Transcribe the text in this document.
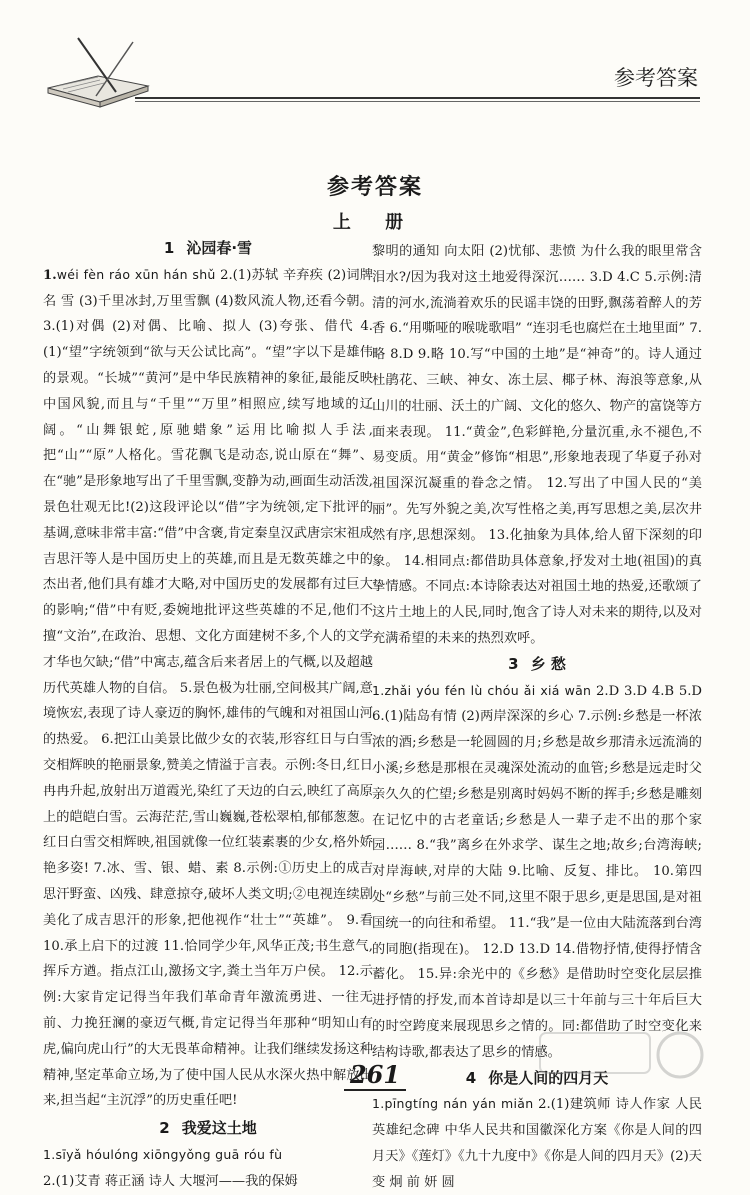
参考答案
参考答案
上 册

1 沁园春·雪

1.wéi fèn ráo xūn hán shǔ 2.(1)苏轼 辛弃疾 (2)词牌名 雪 (3)千里冰封,万里雪飘 (4)数风流人物,还看今朝。 3.(1)对偶 (2)对偶、比喻、拟人 (3)夸张、借代 4.(1)“望”字统领到“欲与天公试比高”。“望”字以下是雄伟的景观。“长城”“黄河”是中华民族精神的象征,最能反映中国风貌,而且与“千里”“万里”相照应,续写地域的辽阔。“山舞银蛇,原驰蜡象”运用比喻拟人手法,把“山”“原”人格化。雪花飘飞是动态,说山原在“舞”、在“驰”是形象地写出了千里雪飘,变静为动,画面生动活泼,景色壮观无比!(2)这段评论以“借”字为统领,定下批评的基调,意味非常丰富:“借”中含褒,肯定秦皇汉武唐宗宋祖成吉思汗等人是中国历史上的英雄,而且是无数英雄之中的杰出者,他们具有雄才大略,对中国历史的发展都有过巨大的影响;“借”中有贬,委婉地批评这些英雄的不足,他们不擅“文治”,在政治、思想、文化方面建树不多,个人的文学才华也欠缺;“借”中寓志,蕴含后来者居上的气概,以及超越历代英雄人物的自信。 5.景色极为壮丽,空间极其广阔,意境恢宏,表现了诗人豪迈的胸怀,雄伟的气魄和对祖国山河的热爱。 6.把江山美景比做少女的衣装,形容红日与白雪交相辉映的艳丽景象,赞美之情溢于言表。示例:冬日,红日冉冉升起,放射出万道霞光,染红了天边的白云,映红了高原上的皑皑白雪。云海茫茫,雪山巍巍,苍松翠柏,郁郁葱葱。红日白雪交相辉映,祖国就像一位红装素裹的少女,格外娇艳多姿! 7.冰、雪、银、蜡、素 8.示例:①历史上的成吉思汗野蛮、凶残、肆意掠夺,破坏人类文明;②电视连续剧美化了成吉思汗的形象,把他视作“壮士”“英雄”。 9.看 10.承上启下的过渡 11.恰同学少年,风华正茂;书生意气,挥斥方遒。指点江山,激扬文字,粪土当年万户侯。 12.示例:大家肯定记得当年我们革命青年激流勇进、一往无前、力挽狂澜的豪迈气概,肯定记得当年那种“明知山有虎,偏向虎山行”的大无畏革命精神。让我们继续发扬这种精神,坚定革命立场,为了使中国人民从水深火热中解放出来,担当起“主沉浮”的历史重任吧!

2 我爱这土地

1.sīyǎ hóulóng xiōngyǒng guā róu fù
2.(1)艾青 蒋正涵 诗人 大堰河——我的保姆

黎明的通知 向太阳 (2)忧郁、悲愤 为什么我的眼里常含泪水?/因为我对这土地爱得深沉…… 3.D 4.C 5.示例:清清的河水,流淌着欢乐的民谣丰饶的田野,飘荡着醉人的芳香 6.“用嘶哑的喉咙歌唱” “连羽毛也腐烂在土地里面” 7.略 8.D 9.略 10.写“中国的土地”是“神奇”的。诗人通过杜鹃花、三峡、神女、冻土层、椰子林、海浪等意象,从山川的壮丽、沃土的广阔、文化的悠久、物产的富饶等方面来表现。 11.“黄金”,色彩鲜艳,分量沉重,永不褪色,不易变质。用“黄金”修饰“相思”,形象地表现了华夏子孙对祖国深沉凝重的眷念之情。 12.写出了中国人民的“美丽”。先写外貌之美,次写性格之美,再写思想之美,层次井然有序,思想深刻。 13.化抽象为具体,给人留下深刻的印象。 14.相同点:都借助具体意象,抒发对土地(祖国)的真挚情感。不同点:本诗除表达对祖国土地的热爱,还歌颂了这片土地上的人民,同时,饱含了诗人对未来的期待,以及对充满希望的未来的热烈欢呼。

3 乡 愁

1.zhǎi yóu fén lù chóu ǎi xiá wān 2.D 3.D 4.B 5.D 6.(1)陆岛有情 (2)两岸深深的乡心 7.示例:乡愁是一杯浓浓的酒;乡愁是一轮圆圆的月;乡愁是故乡那清永远流淌的小溪;乡愁是那根在灵魂深处流动的血管;乡愁是远走时父亲久久的伫望;乡愁是别离时妈妈不断的挥手;乡愁是雕刻在记忆中的古老童话;乡愁是人一辈子走不出的那个家园…… 8.“我”离乡在外求学、谋生之地;故乡;台湾海峡;对岸海峡,对岸的大陆 9.比喻、反复、排比。 10.第四处“乡愁”与前三处不同,这里不限于思乡,更是思国,是对祖国统一的向往和希望。 11.“我”是一位由大陆流落到台湾的同胞(指现在)。 12.D 13.D 14.借物抒情,使得抒情含蓄化。 15.异:余光中的《乡愁》是借助时空变化层层推进抒情的抒发,而本首诗却是以三十年前与三十年后巨大的时空跨度来展现思乡之情的。同:都借助了时空变化来结构诗歌,都表达了思乡的情感。

4 你是人间的四月天

1.pīngtíng nán yán miǎn 2.(1)建筑师 诗人作家 人民英雄纪念碑 中华人民共和国徽深化方案《你是人间的四月天》《莲灯》《九十九度中》《你是人间的四月天》(2)天 变 炯 前 妍 圆

261
